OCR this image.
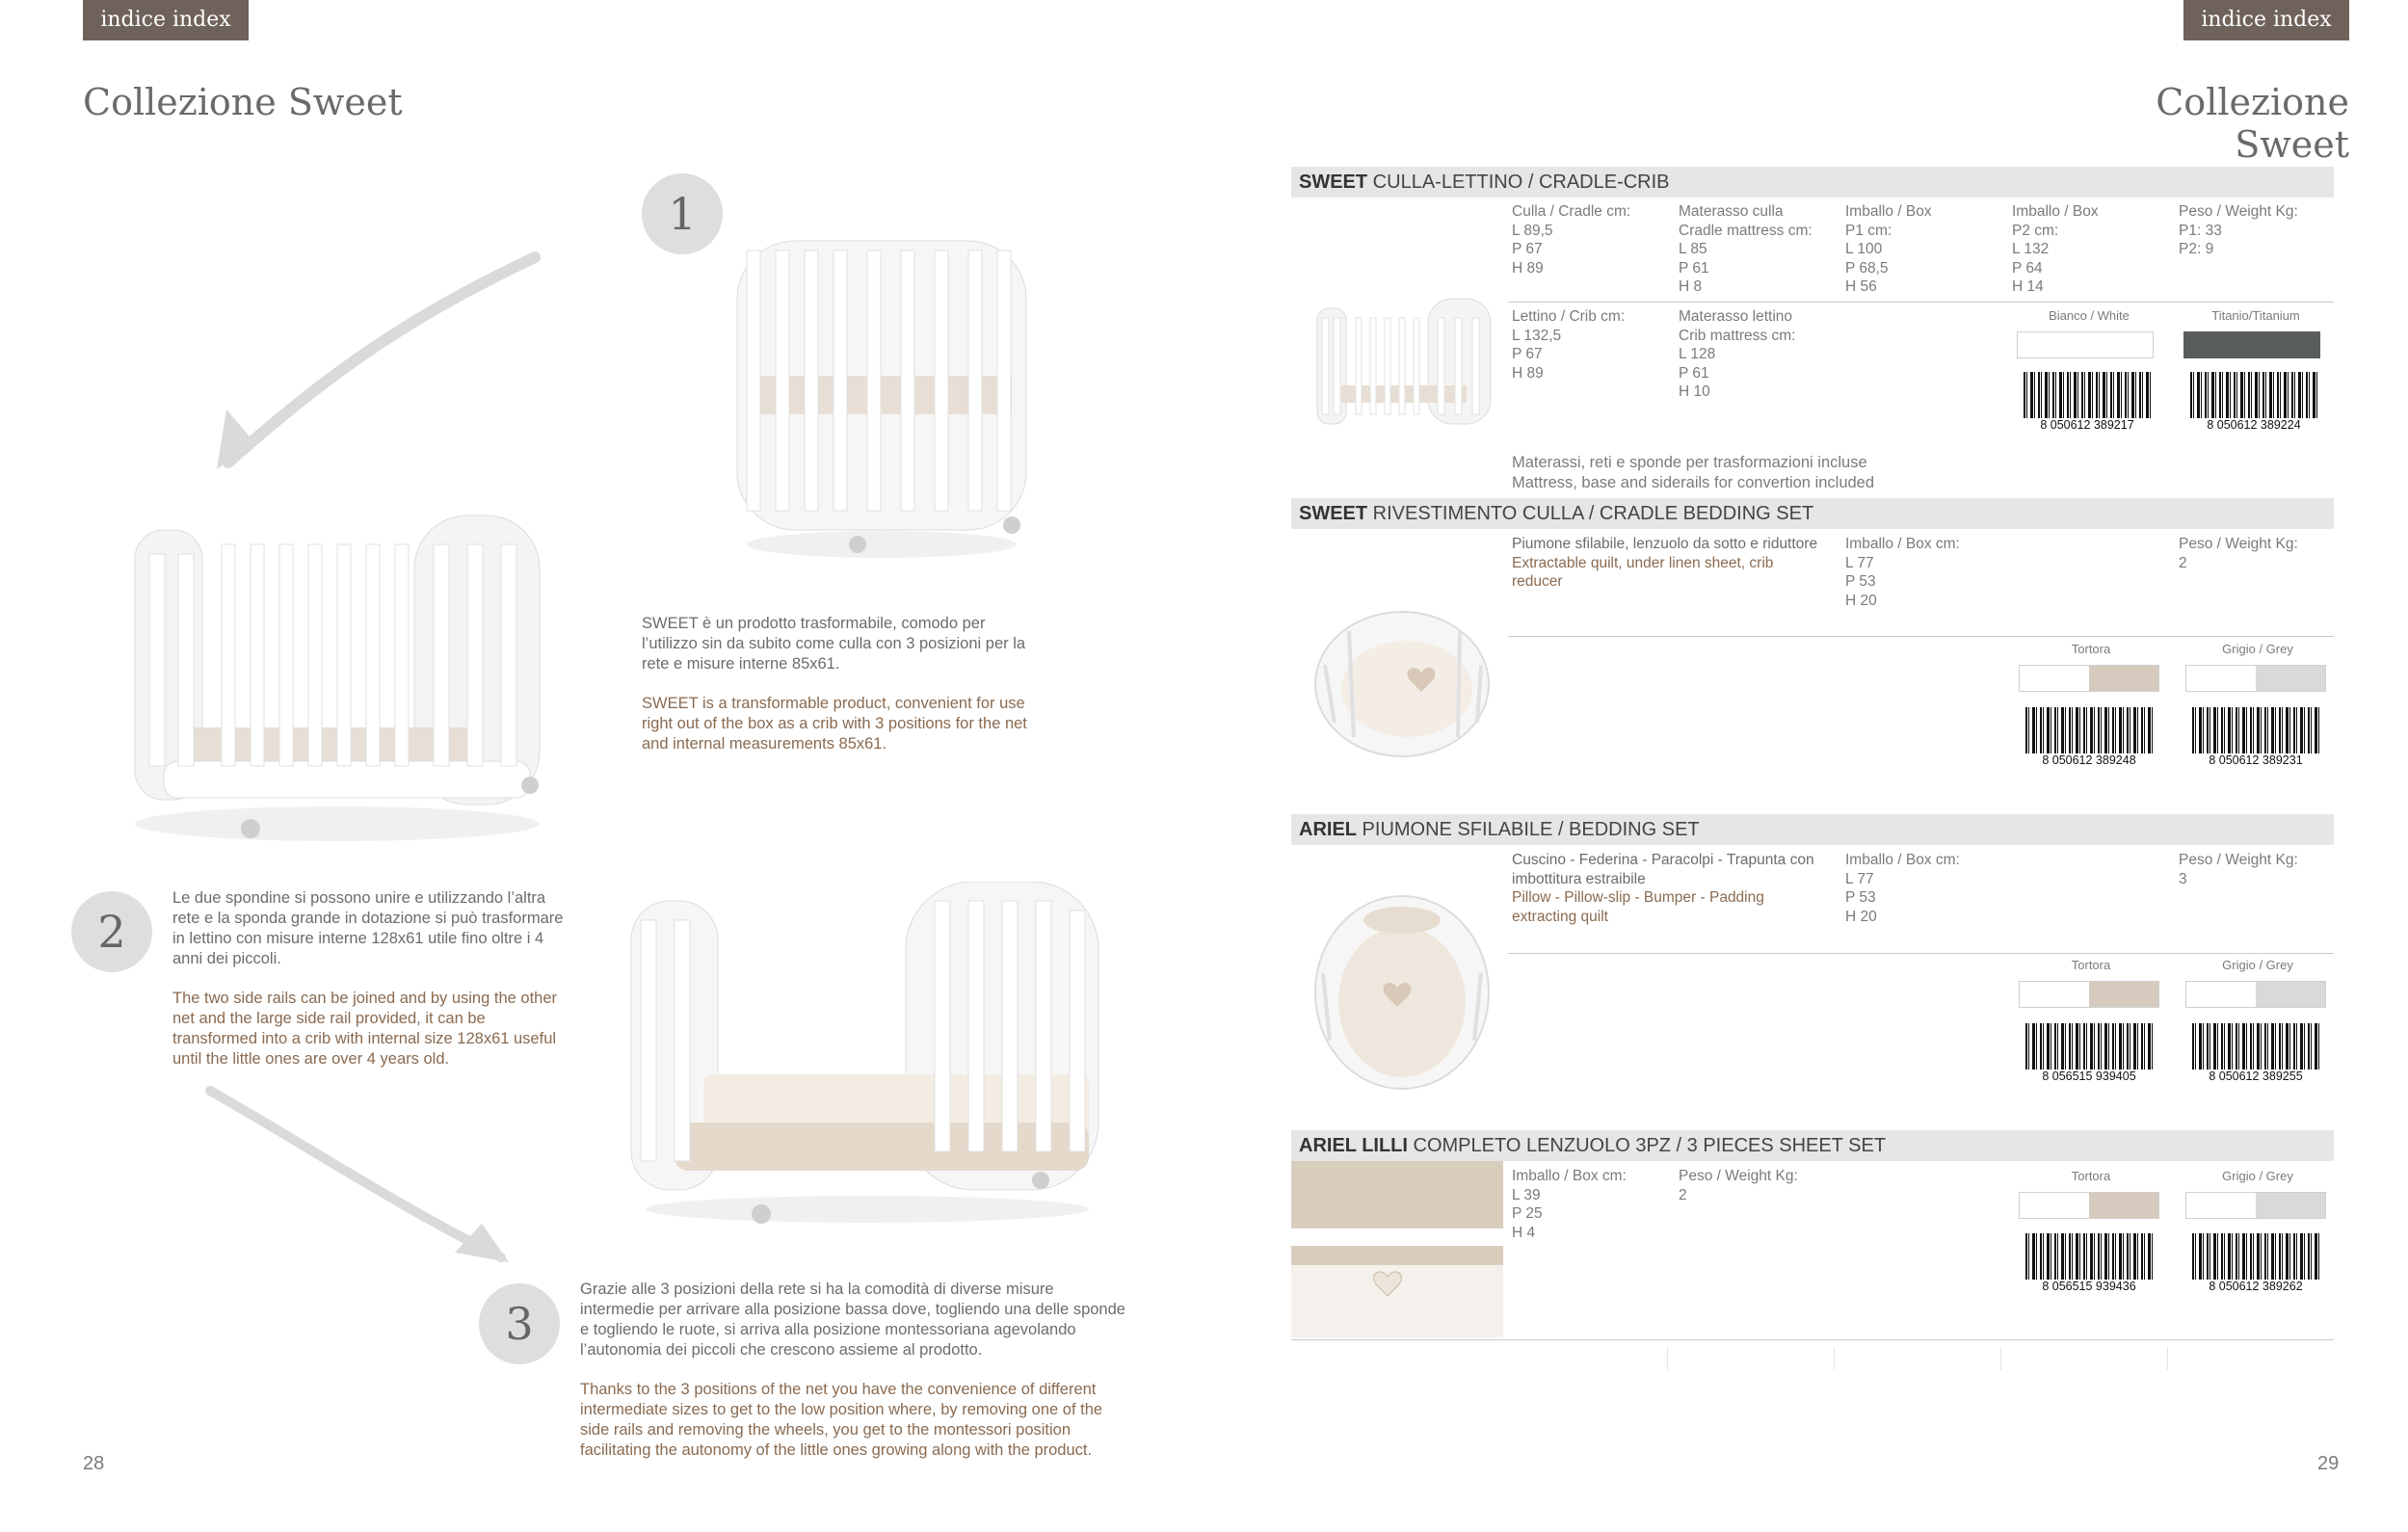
indice index
Collezione Sweet
1
SWEET è un prodotto trasformabile, comodo per l’utilizzo sin da subito come culla con 3 posizioni per la rete e misure interne 85x61.
SWEET is a transformable product, convenient for use right out of the box as a crib with 3 positions for the net and internal measurements 85x61.
2
Le due spondine si possono unire e utilizzando l’altra rete e la sponda grande in dotazione si può trasformare in lettino con misure interne 128x61 utile fino oltre i 4 anni dei piccoli.
The two side rails can be joined and by using the other net and the large side rail provided, it can be transformed into a crib with internal size 128x61 useful until the little ones are over 4 years old.
3
Grazie alle 3 posizioni della rete si ha la comodità di diverse misure intermedie per arrivare alla posizione bassa dove, togliendo una delle sponde e togliendo le ruote, si arriva alla posizione montessoriana agevolando l’autonomia dei piccoli che crescono assieme al prodotto.
Thanks to the 3 positions of the net you have the convenience of different intermediate sizes to get to the low position where, by removing one of the side rails and removing the wheels, you get to the montessori position facilitating the autonomy of the little ones growing along with the product.
28
indice index
Collezione Sweet
SWEET CULLA-LETTINO / CRADLE-CRIB
Culla / Cradle cm:
L 89,5
P 67
H 89
Materasso culla
Cradle mattress cm:
L 85
P 61
H 8
Imballo / Box
P1 cm:
L 100
P 68,5
H 56
Imballo / Box
P2 cm:
L 132
P 64
H 14
Peso / Weight Kg:
P1: 33
P2: 9
Lettino / Crib cm:
L 132,5
P 67
H 89
Materasso lettino
Crib mattress cm:
L 128
P 61
H 10
Bianco / White
8 050612 389217
Titanio/Titanium
8 050612 389224
Materassi, reti e sponde per trasformazioni incluse
Mattress, base and siderails for convertion included
SWEET RIVESTIMENTO CULLA / CRADLE BEDDING SET
Piumone sfilabile, lenzuolo da sotto e riduttore
Extractable quilt, under linen sheet, crib reducer
Imballo / Box cm:
L 77
P 53
H 20
Peso / Weight Kg:
2
Tortora
8 050612 389248
Grigio / Grey
8 050612 389231
ARIEL PIUMONE SFILABILE / BEDDING SET
Cuscino - Federina - Paracolpi - Trapunta con imbottitura estraibile
Pillow - Pillow-slip - Bumper - Padding extracting quilt
Imballo / Box cm:
L 77
P 53
H 20
Peso / Weight Kg:
3
Tortora
8 056515 939405
Grigio / Grey
8 050612 389255
ARIEL LILLI COMPLETO LENZUOLO 3PZ / 3 PIECES SHEET SET
Imballo / Box cm:
L 39
P 25
H 4
Peso / Weight Kg:
2
Tortora
8 056515 939436
Grigio / Grey
8 050612 389262
29
